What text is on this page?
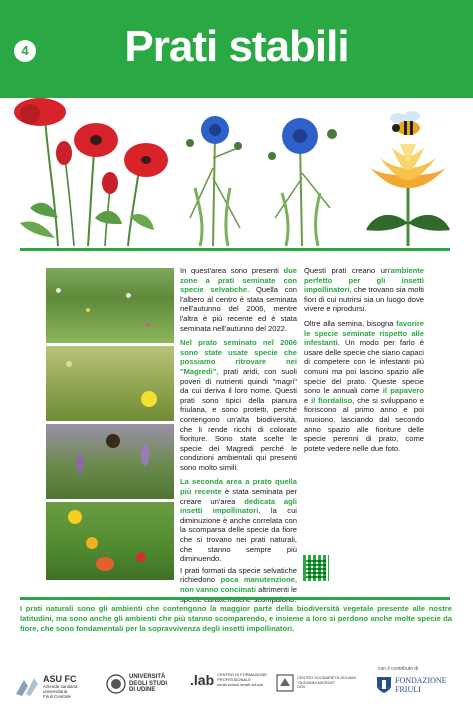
4	Prati stabili

In quest'area sono presenti due zone a prati seminate con specie selvatiche. Quella con l'albero al centro è stata seminata nell'autunno del 2006, mentre l'altra è più recente ed è stata seminata nell'autunno del 2022.

Nel prato seminato nel 2006 sono state usate specie che possiamo ritrovare nei "Magredi", prati aridi, con suoli poveri di nutrienti quindi "magri" da cui deriva il loro nome. Questi prati sono tipici della pianura friulana, e sono protetti, perché contengono un'alta biodiversità, che li rende ricchi di colorate fioriture. Sono state scelte le specie dei Magredi perché le condizioni ambientali qui presenti sono molto simili.

La seconda area a prato quella più recente è stata seminata per creare un'area dedicata agli insetti impollinatori, la cui diminuzione è anche correlata con la scomparsa delle specie da fiore che si trovano nei prati naturali, che stanno sempre più diminuendo.

I prati formati da specie selvatiche richiedono poca manutenzione, non vanno concimati altrimenti le

Questi prati creano un'ambiente perfetto per gli insetti impollinatori, che trovano sia molti fiori di cui nutrirsi sia un luogo dove vivere e riprodursi.

Oltre alla semina, bisogna favorire le specie seminate rispetto alle infestanti. Un modo per farlo è usare delle specie che siano capaci di competere con le infestanti più comuni ma poi lascino spazio alle specie del prato. Queste specie sono le annuali come il papavero e il fiordaliso, che si sviluppano e fioriscono al primo anno e poi muoiono, lasciando dal secondo anno spazio alle fioriture delle specie perenni di prato, come potete vedere nelle due foto.

I prati naturali sono gli ambienti che contengono la maggior parte della biodiversità vegetale presente alle nostre latitudini, ma sono anche gli ambienti che più stanno scomparendo, e insieme a loro si perdono anche molte specie da fiore, che sono fondamentali per la sopravvivenza degli insetti impollinatori.
ASU FC
Azienda sanitaria
universitaria
Friuli Centrale
UNIVERSITÀ
DEGLI STUDI
DI UDINE
.lab CENTRO DI FORMAZIONE
PROFESSIONALE
small school smart school
CENTRO SOLIDARIETÀ GIOVANI
"GIOVANNI MICESIO"
ODV
con il contributo di
FONDAZIONE
FRIULI
